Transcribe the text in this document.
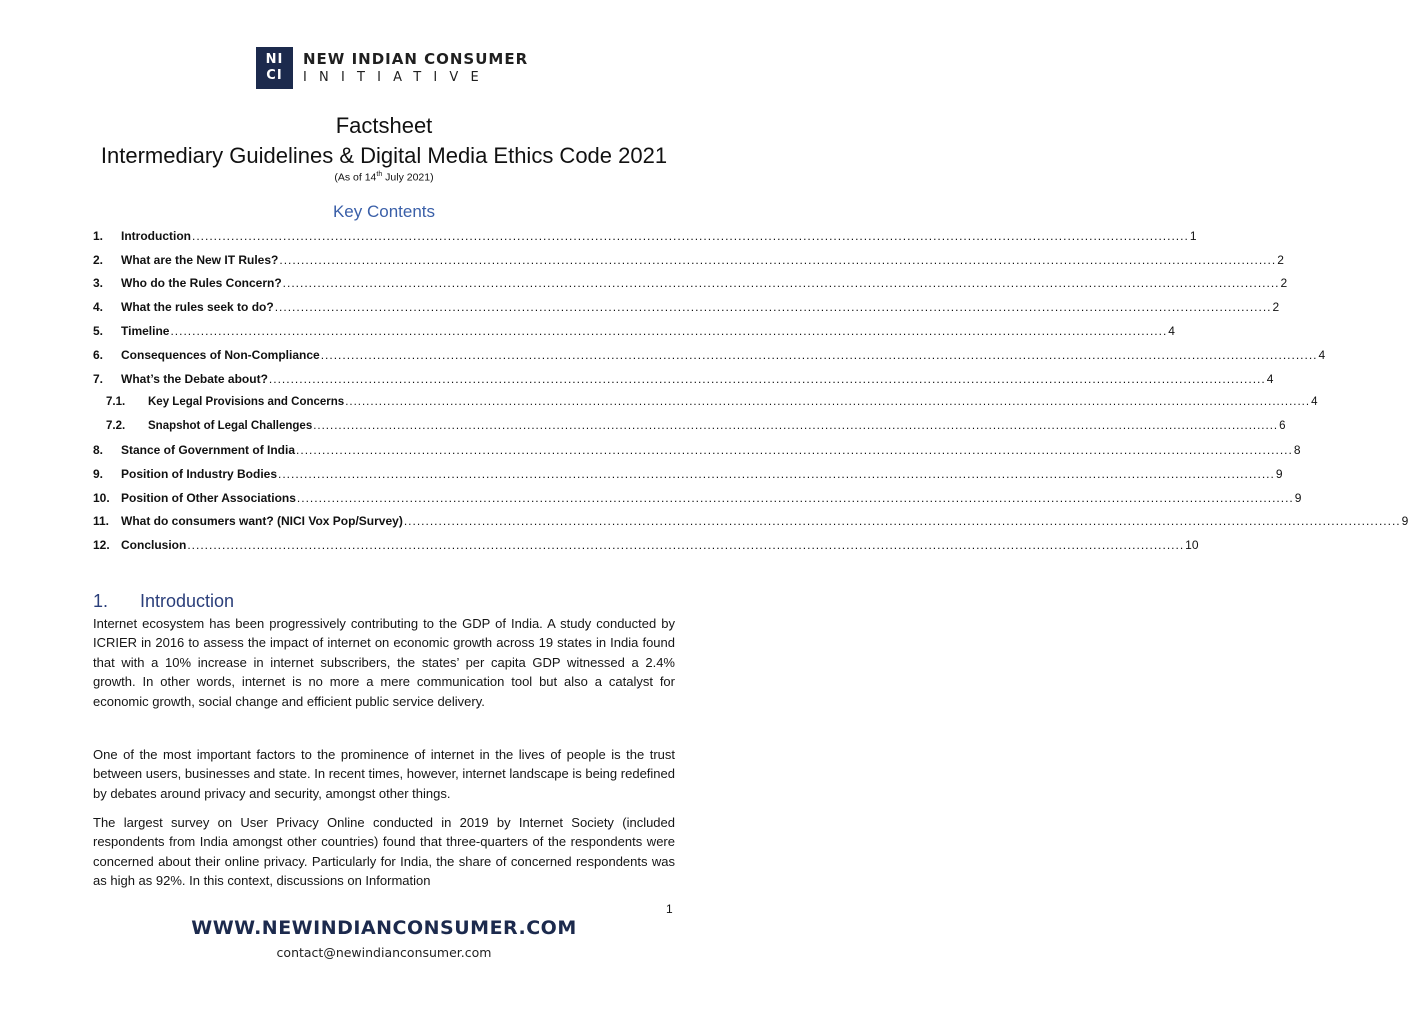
NI
CI
NEW INDIAN CONSUMER
INITIATIVE
Factsheet
Intermediary Guidelines & Digital Media Ethics Code 2021
(As of 14th July 2021)
Key Contents
1.	Introduction ...................................................................................................................................................................................................................................... 1
2.	What are the New IT Rules? ...................................................................................................................................................................................................................................... 2
3.	Who do the Rules Concern? ...................................................................................................................................................................................................................................... 2
4.	What the rules seek to do? ...................................................................................................................................................................................................................................... 2
5.	Timeline ...................................................................................................................................................................................................................................... 4
6.	Consequences of Non-Compliance ...................................................................................................................................................................................................................................... 4
7.	What’s the Debate about? ...................................................................................................................................................................................................................................... 4
7.1.	Key Legal Provisions and Concerns ...................................................................................................................................................................................................................................... 4
7.2.	Snapshot of Legal Challenges ...................................................................................................................................................................................................................................... 6
8.	Stance of Government of India ...................................................................................................................................................................................................................................... 8
9.	Position of Industry Bodies ...................................................................................................................................................................................................................................... 9
10. Position of Other Associations ...................................................................................................................................................................................................................................... 9
11. What do consumers want? (NICI Vox Pop/Survey) ...................................................................................................................................................................................................................................... 9
12. Conclusion ...................................................................................................................................................................................................................................... 10
1. Introduction
Internet ecosystem has been progressively contributing to the GDP of India. A study conducted by ICRIER in 2016 to assess the impact of internet on economic growth across 19 states in India found that with a 10% increase in internet subscribers, the states’ per capita GDP witnessed a 2.4% growth. In other words, internet is no more a mere communication tool but also a catalyst for economic growth, social change and efficient public service delivery.
One of the most important factors to the prominence of internet in the lives of people is the trust between users, businesses and state. In recent times, however, internet landscape is being redefined by debates around privacy and security, amongst other things.
The largest survey on User Privacy Online conducted in 2019 by Internet Society (included respondents from India amongst other countries) found that three-quarters of the respondents were concerned about their online privacy. Particularly for India, the share of concerned respondents was as high as 92%. In this context, discussions on Information
1
WWW.NEWINDIANCONSUMER.COM
contact@newindianconsumer.com
